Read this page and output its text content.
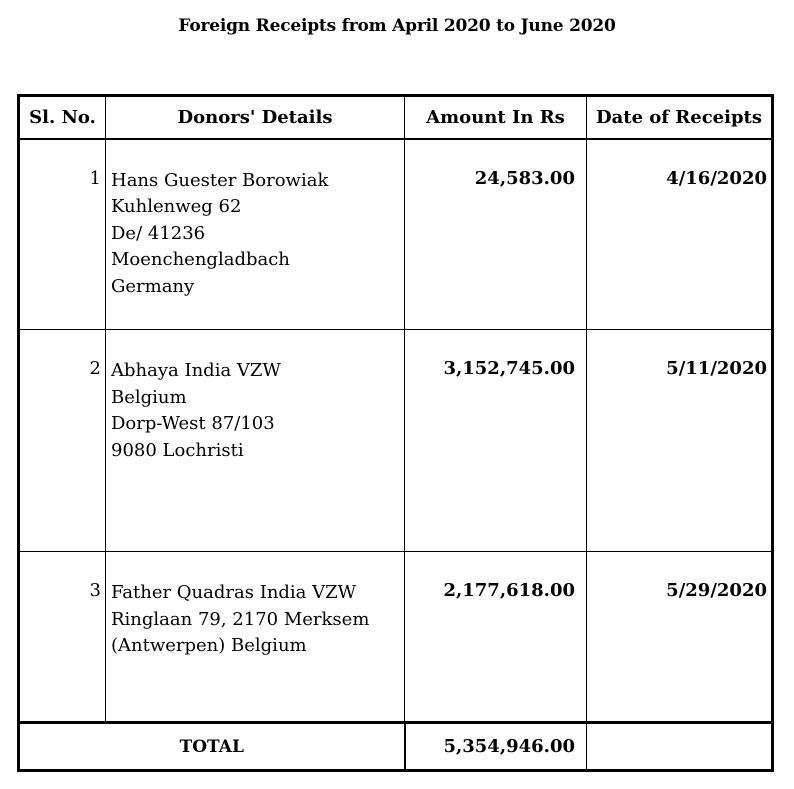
Foreign Receipts from April 2020 to June 2020
Sl. No.	Donors' Details	Amount In Rs	Date of Receipts

1	Hans Guester Borowiak
Kuhlenweg 62
De/ 41236
Moenchengladbach
Germany	24,583.00	4/16/2020

2	Abhaya India VZW
Belgium
Dorp-West 87/103
9080 Lochristi	3,152,745.00	5/11/2020

3	Father Quadras India VZW
Ringlaan 79, 2170 Merksem
(Antwerpen) Belgium	2,177,618.00	5/29/2020

TOTAL		5,354,946.00	
